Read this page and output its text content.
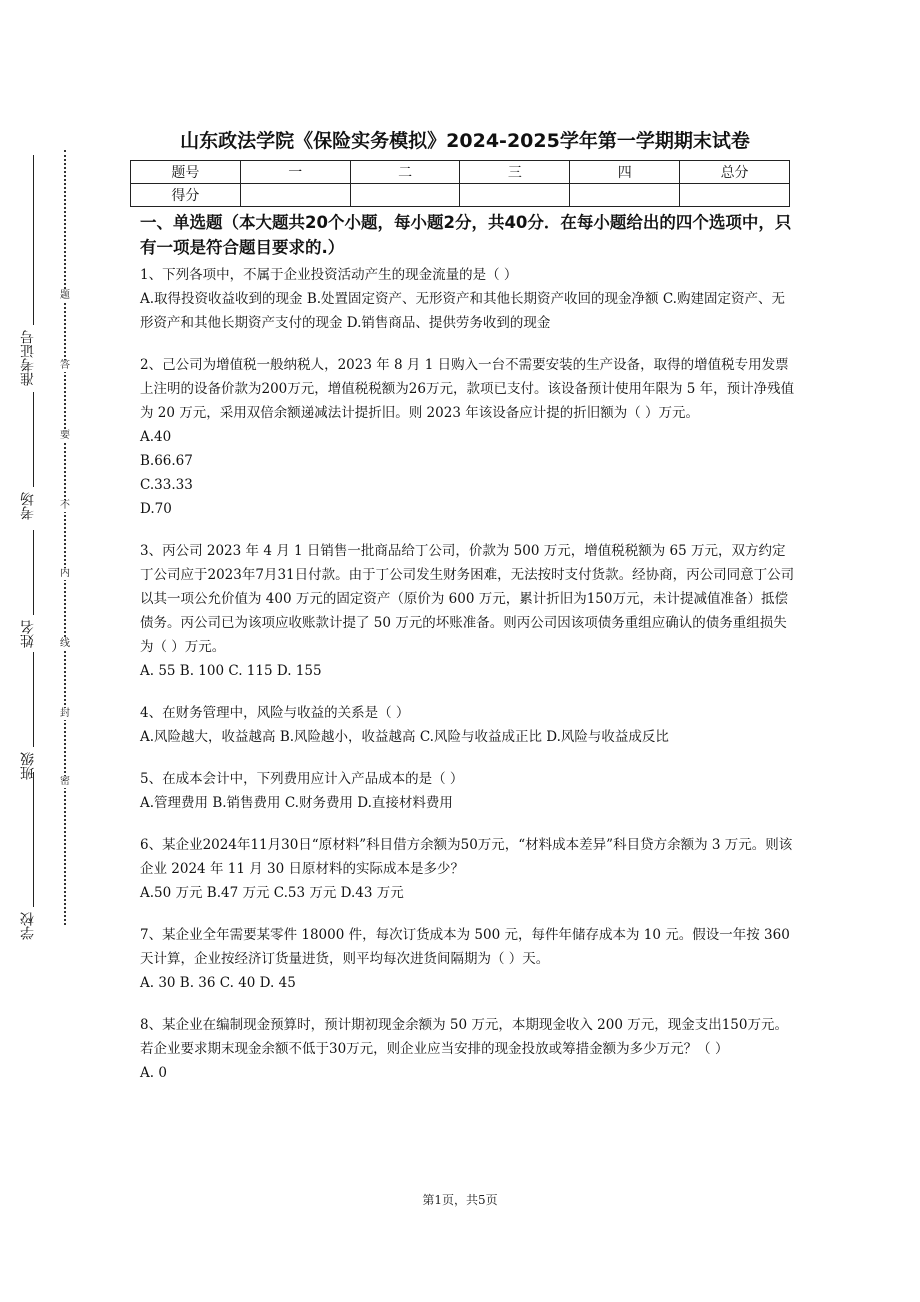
题
答
要
不
内
线
封
密
准考证号
考场
姓名
班级
学校
山东政法学院《保险实务模拟》2024-2025学年第一学期期末试卷
题号	一	二	三	四	总分
得分					
一、单选题（本大题共20个小题，每小题2分，共40分．在每小题给出的四个选项中，只有一项是符合题目要求的.）

1、下列各项中，不属于企业投资活动产生的现金流量的是（ ）

A.取得投资收益收到的现金 B.处置固定资产、无形资产和其他长期资产收回的现金净额 C.购建固定资产、无形资产和其他长期资产支付的现金 D.销售商品、提供劳务收到的现金

2、己公司为增值税一般纳税人，2023 年 8 月 1 日购入一台不需要安装的生产设备，取得的增值税专用发票上注明的设备价款为200万元，增值税税额为26万元，款项已支付。该设备预计使用年限为 5 年，预计净残值为 20 万元，采用双倍余额递减法计提折旧。则 2023 年该设备应计提的折旧额为（ ）万元。

A.40

B.66.67

C.33.33

D.70

3、丙公司 2023 年 4 月 1 日销售一批商品给丁公司，价款为 500 万元，增值税税额为 65 万元，双方约定丁公司应于2023年7月31日付款。由于丁公司发生财务困难，无法按时支付货款。经协商，丙公司同意丁公司以其一项公允价值为 400 万元的固定资产（原价为 600 万元，累计折旧为150万元，未计提减值准备）抵偿债务。丙公司已为该项应收账款计提了 50 万元的坏账准备。则丙公司因该项债务重组应确认的债务重组损失为（ ）万元。

A. 55 B. 100 C. 115 D. 155

4、在财务管理中，风险与收益的关系是（ ）

A.风险越大，收益越高 B.风险越小，收益越高 C.风险与收益成正比 D.风险与收益成反比

5、在成本会计中，下列费用应计入产品成本的是（ ）

A.管理费用 B.销售费用 C.财务费用 D.直接材料费用

6、某企业2024年11月30日“原材料”科目借方余额为50万元，“材料成本差异”科目贷方余额为 3 万元。则该企业 2024 年 11 月 30 日原材料的实际成本是多少？

A.50 万元 B.47 万元 C.53 万元 D.43 万元

7、某企业全年需要某零件 18000 件，每次订货成本为 500 元，每件年储存成本为 10 元。假设一年按 360 天计算，企业按经济订货量进货，则平均每次进货间隔期为（ ）天。

A. 30 B. 36 C. 40 D. 45

8、某企业在编制现金预算时，预计期初现金余额为 50 万元，本期现金收入 200 万元，现金支出150万元。若企业要求期末现金余额不低于30万元，则企业应当安排的现金投放或筹措金额为多少万元？（ ）

A. 0

第1页，共5页
